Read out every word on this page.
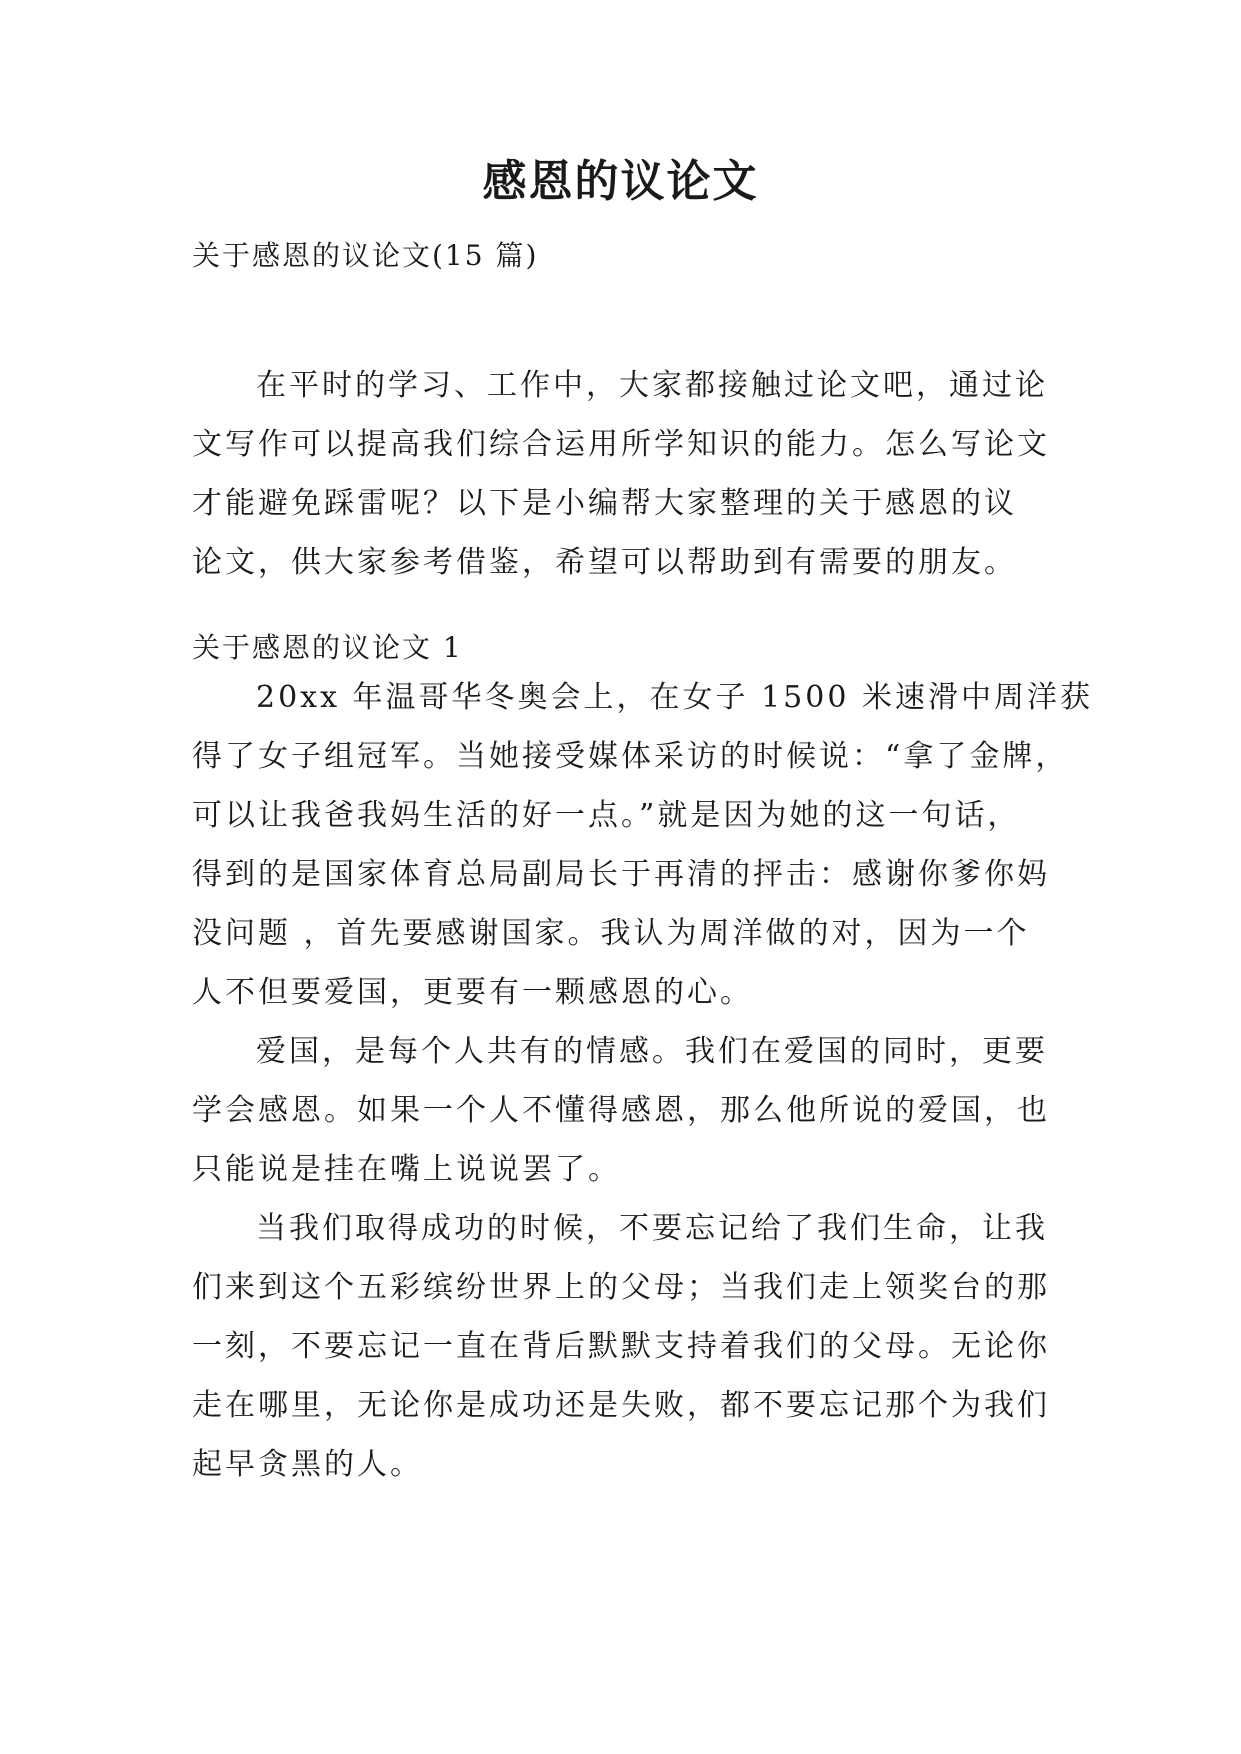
感恩的议论文

关于感恩的议论文(15 篇)

在平时的学习、工作中，大家都接触过论文吧，通过论
文写作可以提高我们综合运用所学知识的能力。怎么写论文
才能避免踩雷呢？以下是小编帮大家整理的关于感恩的议
论文，供大家参考借鉴，希望可以帮助到有需要的朋友。

关于感恩的议论文 1

20xx 年温哥华冬奥会上，在女子 1500 米速滑中周洋获
得了女子组冠军。当她接受媒体采访的时候说：“拿了金牌，
可以让我爸我妈生活的好一点。”就是因为她的这一句话，
得到的是国家体育总局副局长于再清的抨击：感谢你爹你妈
没问题 ，首先要感谢国家。我认为周洋做的对，因为一个
人不但要爱国，更要有一颗感恩的心。
爱国，是每个人共有的情感。我们在爱国的同时，更要
学会感恩。如果一个人不懂得感恩，那么他所说的爱国，也
只能说是挂在嘴上说说罢了。
当我们取得成功的时候，不要忘记给了我们生命，让我
们来到这个五彩缤纷世界上的父母；当我们走上领奖台的那
一刻，不要忘记一直在背后默默支持着我们的父母。无论你
走在哪里，无论你是成功还是失败，都不要忘记那个为我们
起早贪黑的人。
